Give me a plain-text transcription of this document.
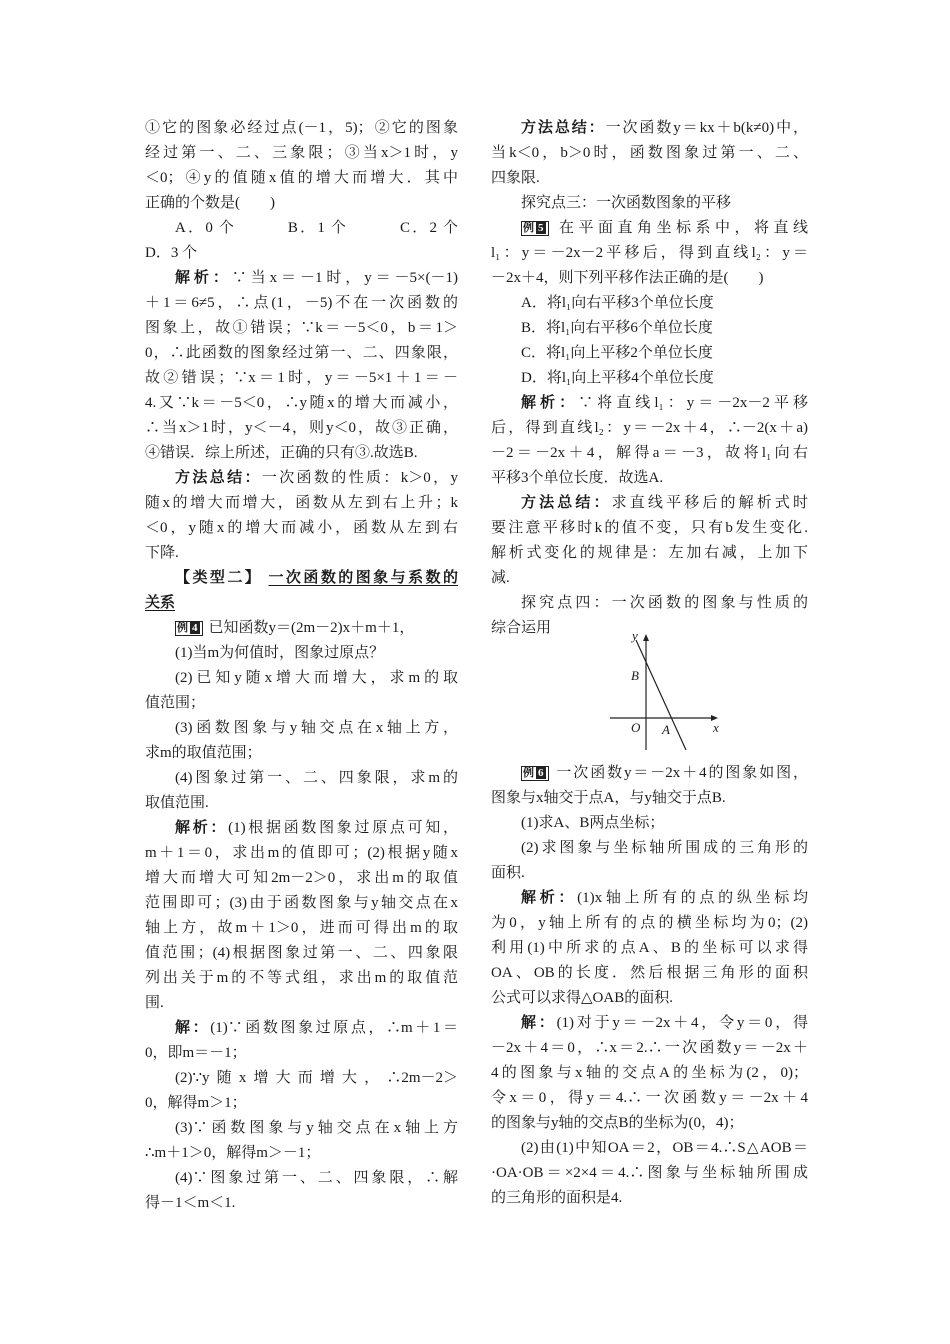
①它的图象必经过点(－1，5)；②它的图象
经过第一、二、三象限；③当x＞1时，y
＜0；④y的值随x值的增大而增大．其中
正确的个数是(　　)
A．0 个　　　B．1 个　　　C．2 个
D．3 个
解析：∵当x＝－1时，y＝－5×(－1)
＋1＝6≠5，∴点(1，－5)不在一次函数的
图象上，故①错误；∵k＝－5＜0，b＝1＞
0，∴此函数的图象经过第一、二、四象限，
故②错误；∵x＝1时，y＝－5×1＋1＝－
4.又∵k＝－5＜0，∴y随x的增大而减小，
∴当x＞1时，y＜－4，则y＜0，故③正确，
④错误．综上所述，正确的只有③.故选B.
方法总结：一次函数的性质：k＞0，y
随x的增大而增大，函数从左到右上升；k
＜0，y随x的增大而减小，函数从左到右
下降.
【类型二】 一次函数的图象与系数的
关系
例 4 已知函数y＝(2m－2)x＋m＋1，
(1)当m为何值时，图象过原点？
(2)已知y随x增大而增大，求m的取
值范围；
(3)函数图象与y轴交点在x轴上方，
求m的取值范围；
(4)图象过第一、二、四象限，求m的
取值范围.
解析：(1)根据函数图象过原点可知，
m＋1＝0，求出m的值即可；(2)根据y随x
增大而增大可知2m－2＞0，求出m的取值
范围即可；(3)由于函数图象与y轴交点在x
轴上方，故m＋1＞0，进而可得出m的取
值范围；(4)根据图象过第一、二、四象限
列出关于m的不等式组，求出m的取值范
围.
解：(1)∵函数图象过原点，∴m＋1＝
0，即m＝－1；
(2)∵y随x增大而增大，∴2m－2＞
0，解得m＞1；
(3)∵函数图象与y轴交点在x轴上方
∴m＋1＞0，解得m＞－1；
(4)∵图象过第一、二、四象限，∴解
得－1＜m＜1.
方法总结：一次函数y＝kx＋b(k≠0)中，
当k＜0，b＞0时，函数图象过第一、二、
四象限.
探究点三：一次函数图象的平移
例 5 在平面直角坐标系中，将直线
l₁：y＝－2x－2平移后，得到直线l₂：y＝
－2x＋4，则下列平移作法正确的是(　　)
A．将l₁向右平移3个单位长度
B．将l₁向右平移6个单位长度
C．将l₁向上平移2个单位长度
D．将l₁向上平移4个单位长度
解析：∵将直线l₁：y＝－2x－2平移
后，得到直线l₂：y＝－2x＋4，∴－2(x＋a)
－2＝－2x＋4，解得a＝－3，故将l₁向右
平移3个单位长度．故选A.
方法总结：求直线平移后的解析式时
要注意平移时k的值不变，只有b发生变化.
解析式变化的规律是：左加右减，上加下
减.
探究点四：一次函数的图象与性质的
综合运用	y
x
O A
B
例 6 一次函数y＝－2x＋4的图象如图，
图象与x轴交于点A，与y轴交于点B.
(1)求A、B两点坐标；
(2)求图象与坐标轴所围成的三角形的
面积.
解析：(1)x轴上所有的点的纵坐标均
为0，y轴上所有的点的横坐标均为0；(2)
利用(1)中所求的点A、B的坐标可以求得
OA、OB的长度．然后根据三角形的面积
公式可以求得△OAB的面积.
解：(1)对于y＝－2x＋4，令y＝0，得
－2x＋4＝0，∴x＝2.∴一次函数y＝－2x＋
4的图象与x轴的交点A的坐标为(2，0)；
令x＝0，得y＝4.∴一次函数y＝－2x＋4
的图象与y轴的交点B的坐标为(0，4)；
(2)由(1)中知OA＝2，OB＝4.∴S△AOB＝
·OA·OB＝×2×4＝4.∴图象与坐标轴所围成
的三角形的面积是4.
